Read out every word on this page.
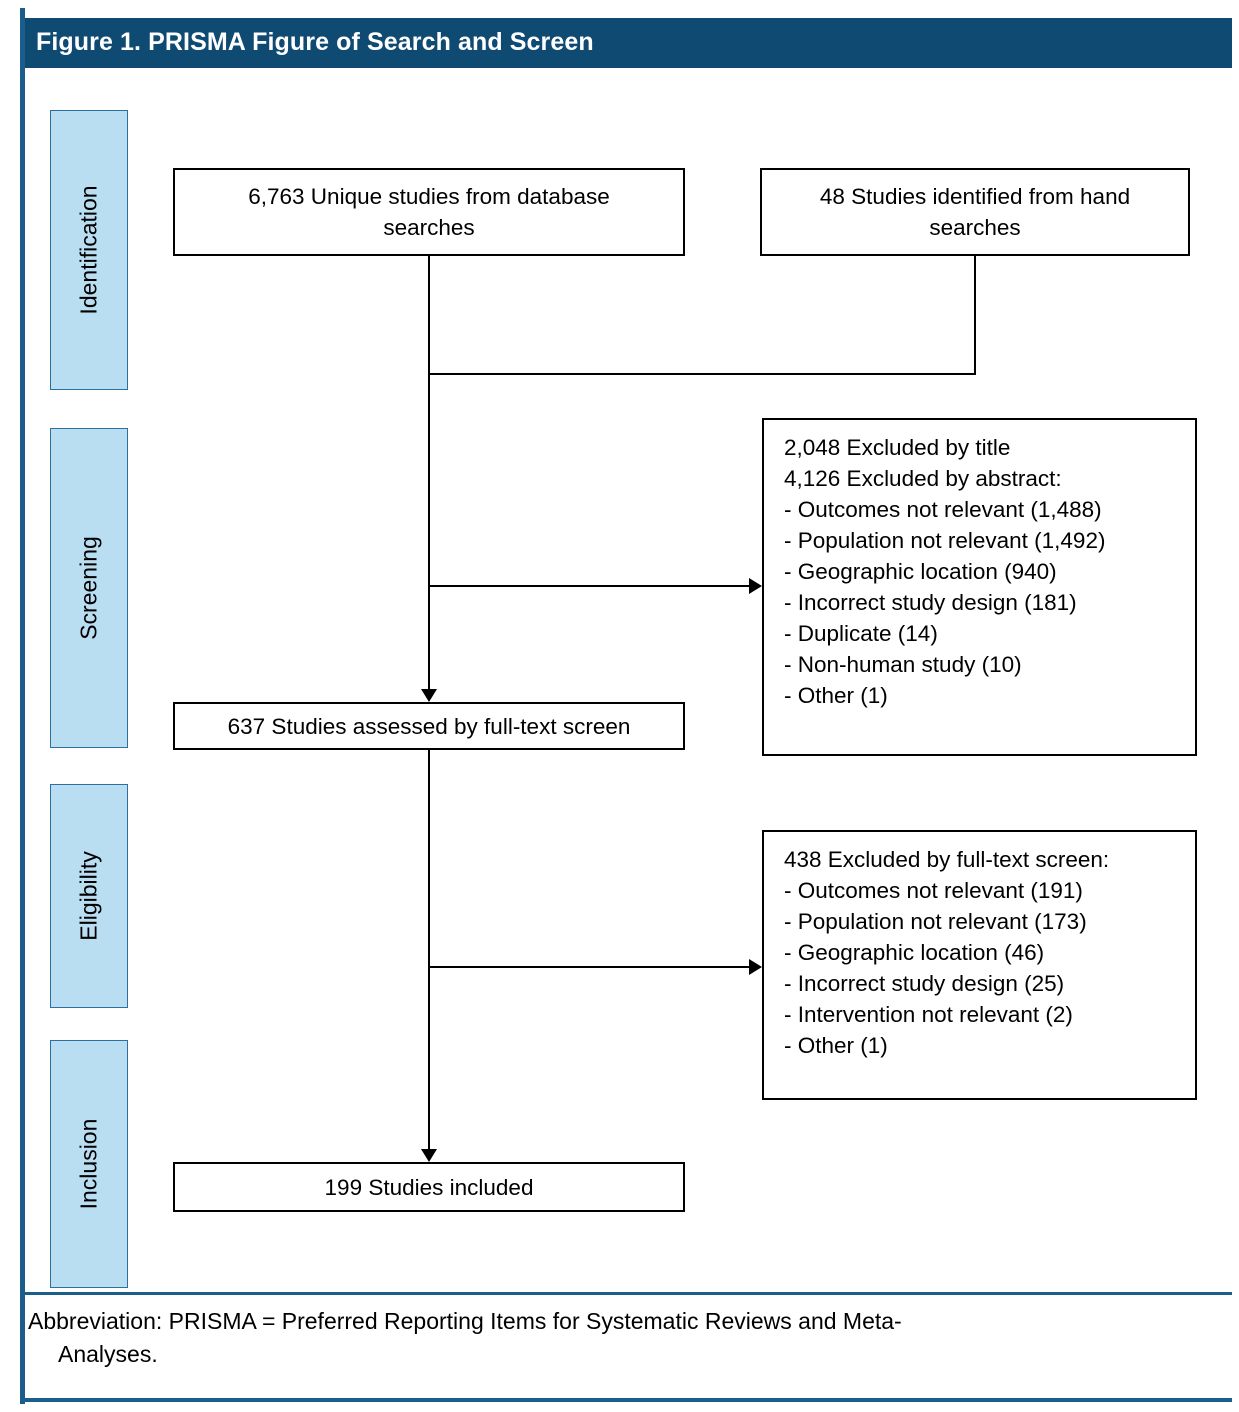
Figure 1. PRISMA Figure of Search and Screen
Identification
Screening
Eligibility
Inclusion
6,763 Unique studies from database
searches
48 Studies identified from hand
searches
2,048 Excluded by title
4,126 Excluded by abstract:
- Outcomes not relevant (1,488)
- Population not relevant (1,492)
- Geographic location (940)
- Incorrect study design (181)
- Duplicate (14)
- Non-human study (10)
- Other (1)
637 Studies assessed by full-text screen
438 Excluded by full-text screen:
- Outcomes not relevant (191)
- Population not relevant (173)
- Geographic location (46)
- Incorrect study design (25)
- Intervention not relevant (2)
- Other (1)
199 Studies included
Abbreviation: PRISMA = Preferred Reporting Items for Systematic Reviews and Meta-
Analyses.
